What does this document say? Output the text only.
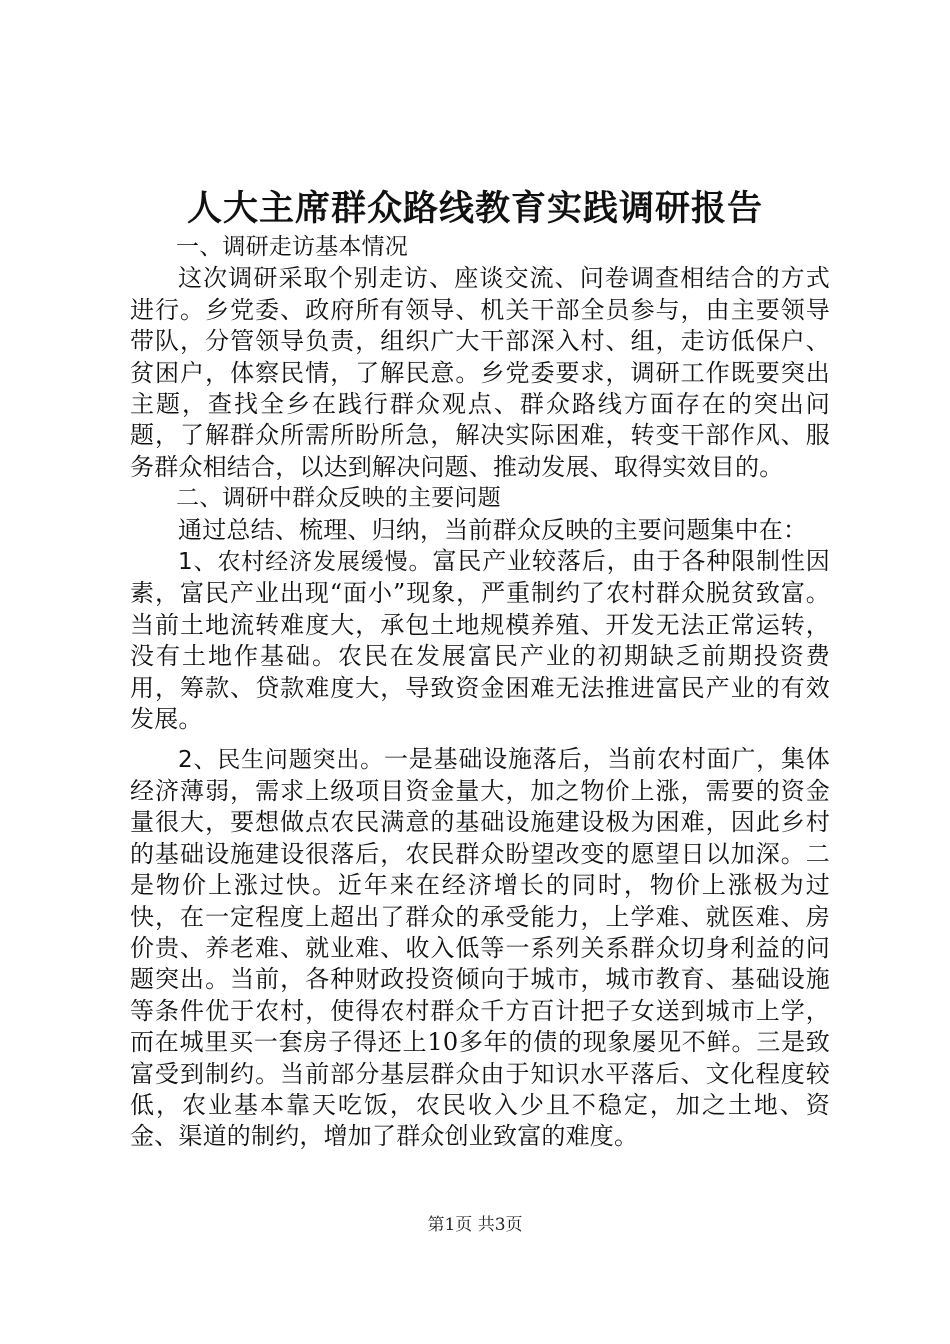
人大主席群众路线教育实践调研报告

一、调研走访基本情况

这次调研采取个别走访、座谈交流、问卷调查相结合的方式进行。乡党委、政府所有领导、机关干部全员参与，由主要领导带队，分管领导负责，组织广大干部深入村、组，走访低保户、贫困户，体察民情，了解民意。乡党委要求，调研工作既要突出主题，查找全乡在践行群众观点、群众路线方面存在的突出问题，了解群众所需所盼所急，解决实际困难，转变干部作风、服务群众相结合，以达到解决问题、推动发展、取得实效目的。

二、调研中群众反映的主要问题

通过总结、梳理、归纳，当前群众反映的主要问题集中在：

1、农村经济发展缓慢。富民产业较落后，由于各种限制性因素，富民产业出现“面小”现象，严重制约了农村群众脱贫致富。当前土地流转难度大，承包土地规模养殖、开发无法正常运转，没有土地作基础。农民在发展富民产业的初期缺乏前期投资费用，筹款、贷款难度大，导致资金困难无法推进富民产业的有效发展。

2、民生问题突出。一是基础设施落后，当前农村面广，集体经济薄弱，需求上级项目资金量大，加之物价上涨，需要的资金量很大，要想做点农民满意的基础设施建设极为困难，因此乡村的基础设施建设很落后，农民群众盼望改变的愿望日以加深。二是物价上涨过快。近年来在经济增长的同时，物价上涨极为过快，在一定程度上超出了群众的承受能力，上学难、就医难、房价贵、养老难、就业难、收入低等一系列关系群众切身利益的问题突出。当前，各种财政投资倾向于城市，城市教育、基础设施等条件优于农村，使得农村群众千方百计把子女送到城市上学，而在城里买一套房子得还上10多年的债的现象屡见不鲜。三是致富受到制约。当前部分基层群众由于知识水平落后、文化程度较低，农业基本靠天吃饭，农民收入少且不稳定，加之土地、资金、渠道的制约，增加了群众创业致富的难度。

第1页 共3页
